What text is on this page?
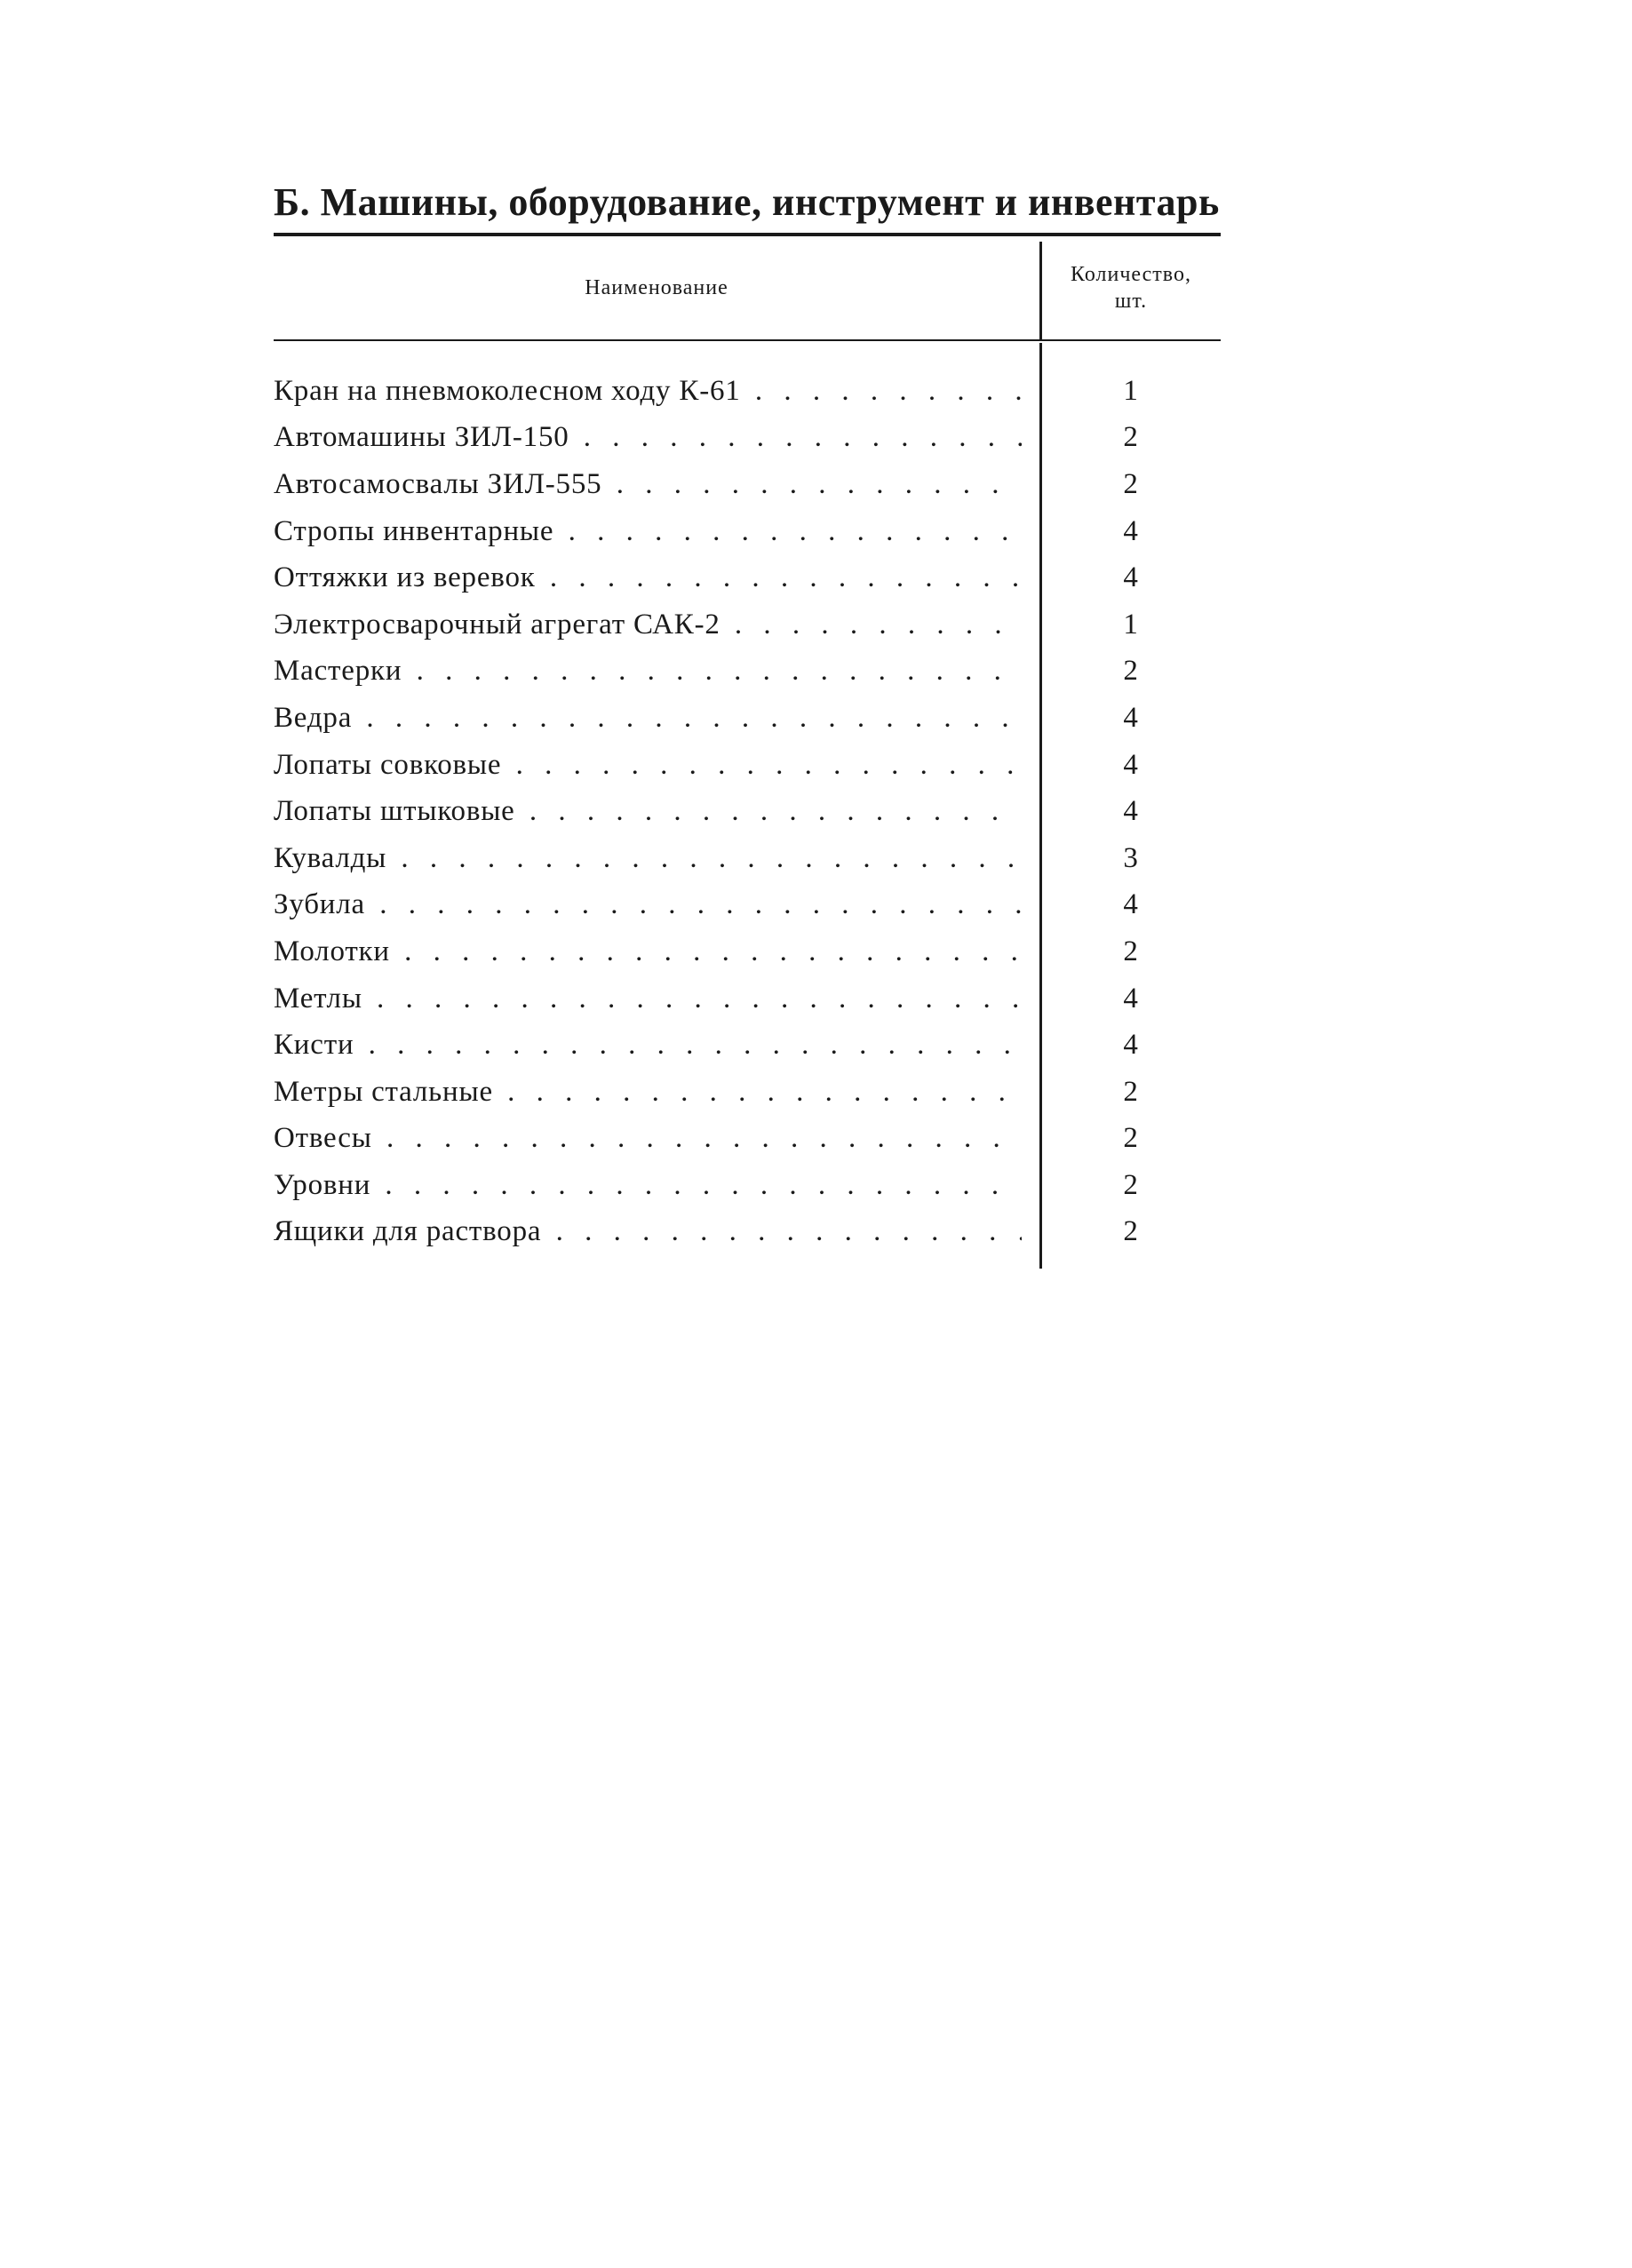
Б. Машины, оборудование, инструмент и инвентарь
Наименование
Количество,
шт.
Кран на пневмоколесном ходу К-61 . . .	1
Автомашины ЗИЛ-150 . . .	2
Автосамосвалы ЗИЛ-555 . . .	2
Стропы инвентарные . . .	4
Оттяжки из веревок . . .	4
Электросварочный агрегат САК-2 . . .	1
Мастерки . . .	2
Ведра . . .	4
Лопаты совковые . . .	4
Лопаты штыковые . . .	4
Кувалды . . .	3
Зубила . . .	4
Молотки . . .	2
Метлы . . .	4
Кисти . . .	4
Метры стальные . . .	2
Отвесы . . .	2
Уровни . . .	2
Ящики для раствора . . .	2
